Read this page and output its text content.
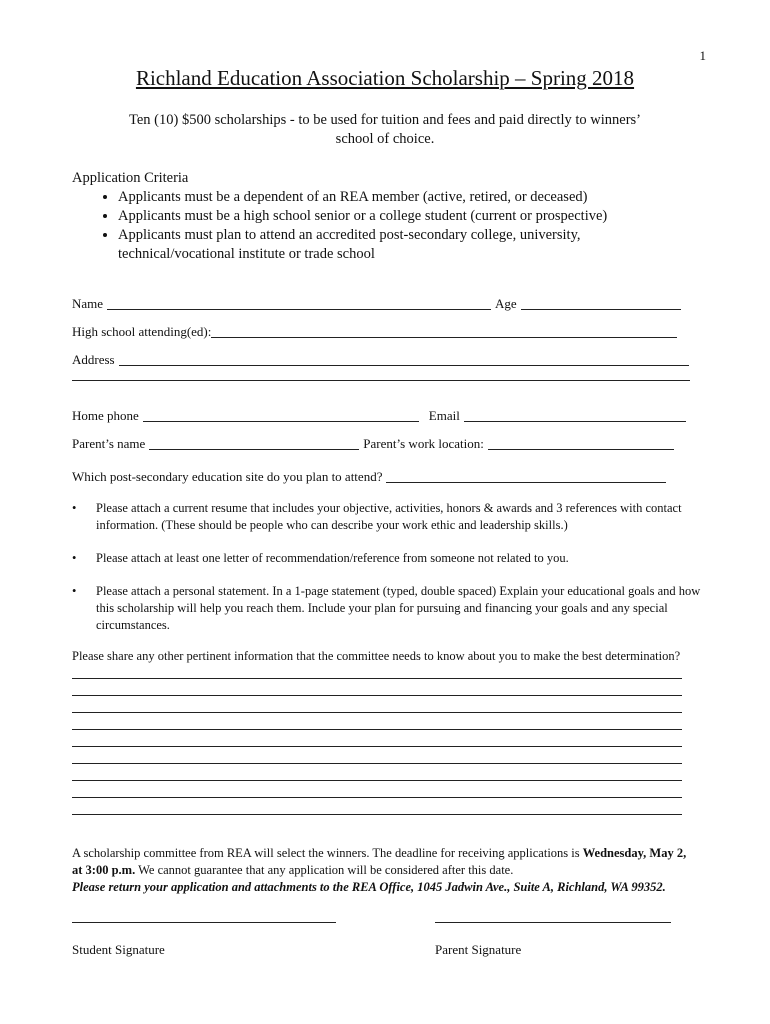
1
Richland Education Association Scholarship – Spring 2018
Ten (10) $500 scholarships - to be used for tuition and fees and paid directly to winners’ school of choice.
Application Criteria
• Applicants must be a dependent of an REA member (active, retired, or deceased)
• Applicants must be a high school senior or a college student (current or prospective)
• Applicants must plan to attend an accredited post-secondary college, university, technical/vocational institute or trade school
Name	Age
High school attending(ed):
Address
Home phone	Email
Parent’s name	Parent’s work location:
Which post-secondary education site do you plan to attend?
• Please attach a current resume that includes your objective, activities, honors & awards and 3 references with contact information. (These should be people who can describe your work ethic and leadership skills.)
• Please attach at least one letter of recommendation/reference from someone not related to you.
• Please attach a personal statement. In a 1-page statement (typed, double spaced) Explain your educational goals and how this scholarship will help you reach them. Include your plan for pursuing and financing your goals and any special circumstances.
Please share any other pertinent information that the committee needs to know about you to make the best determination?
A scholarship committee from REA will select the winners. The deadline for receiving applications is Wednesday, May 2, at 3:00 p.m. We cannot guarantee that any application will be considered after this date.
Please return your application and attachments to the REA Office, 1045 Jadwin Ave., Suite A, Richland, WA 99352.
Student Signature	Parent Signature
